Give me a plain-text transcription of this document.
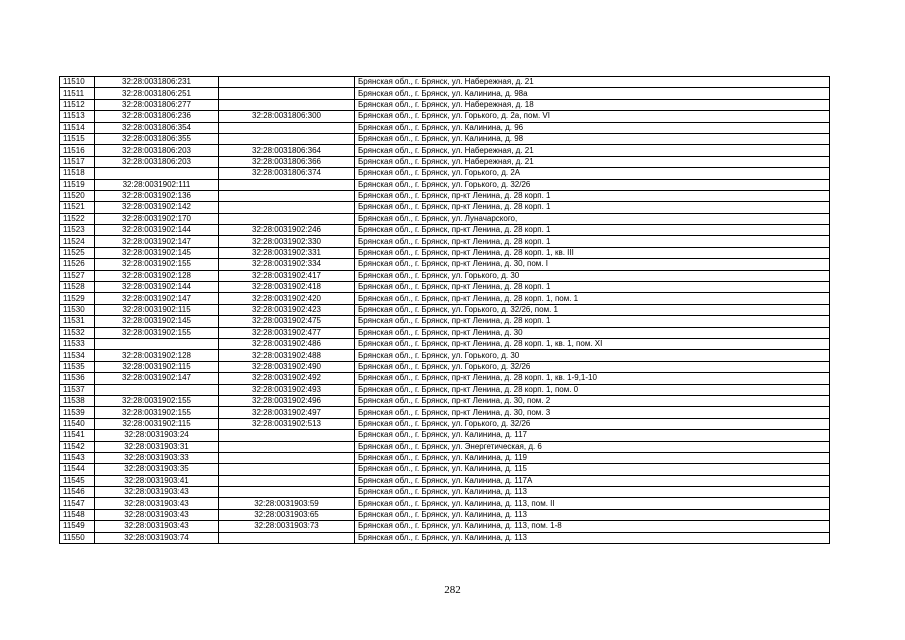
11510	32:28:0031806:231		Брянская обл., г. Брянск, ул. Набережная, д. 21
11511	32:28:0031806:251		Брянская обл., г. Брянск, ул. Калинина, д. 98а
11512	32:28:0031806:277		Брянская обл., г. Брянск, ул. Набережная, д. 18
11513	32:28:0031806:236	32:28:0031806:300	Брянская обл., г. Брянск, ул. Горького, д. 2а, пом. VI
11514	32:28:0031806:354		Брянская обл., г. Брянск, ул. Калинина, д. 96
11515	32:28:0031806:355		Брянская обл., г. Брянск, ул. Калинина, д. 98
11516	32:28:0031806:203	32:28:0031806:364	Брянская обл., г. Брянск, ул. Набережная, д. 21
11517	32:28:0031806:203	32:28:0031806:366	Брянская обл., г. Брянск, ул. Набережная, д. 21
11518		32:28:0031806:374	Брянская обл., г. Брянск, ул. Горького, д. 2А
11519	32:28:0031902:111		Брянская обл., г. Брянск, ул. Горького, д. 32/26
11520	32:28:0031902:136		Брянская обл., г. Брянск, пр-кт Ленина, д. 28 корп. 1
11521	32:28:0031902:142		Брянская обл., г. Брянск, пр-кт Ленина, д. 28 корп. 1
11522	32:28:0031902:170		Брянская обл., г. Брянск, ул. Луначарского,
11523	32:28:0031902:144	32:28:0031902:246	Брянская обл., г. Брянск, пр-кт Ленина, д. 28 корп. 1
11524	32:28:0031902:147	32:28:0031902:330	Брянская обл., г. Брянск, пр-кт Ленина, д. 28 корп. 1
11525	32:28:0031902:145	32:28:0031902:331	Брянская обл., г. Брянск, пр-кт Ленина, д. 28 корп. 1, кв. III
11526	32:28:0031902:155	32:28:0031902:334	Брянская обл., г. Брянск, пр-кт Ленина, д. 30, пом. I
11527	32:28:0031902:128	32:28:0031902:417	Брянская обл., г. Брянск, ул. Горького, д. 30
11528	32:28:0031902:144	32:28:0031902:418	Брянская обл., г. Брянск, пр-кт Ленина, д. 28 корп. 1
11529	32:28:0031902:147	32:28:0031902:420	Брянская обл., г. Брянск, пр-кт Ленина, д. 28 корп. 1, пом. 1
11530	32:28:0031902:115	32:28:0031902:423	Брянская обл., г. Брянск, ул. Горького, д. 32/26, пом. 1
11531	32:28:0031902:145	32:28:0031902:475	Брянская обл., г. Брянск, пр-кт Ленина, д. 28 корп. 1
11532	32:28:0031902:155	32:28:0031902:477	Брянская обл., г. Брянск, пр-кт Ленина, д. 30
11533		32:28:0031902:486	Брянская обл., г. Брянск, пр-кт Ленина, д. 28 корп. 1, кв. 1, пом. XI
11534	32:28:0031902:128	32:28:0031902:488	Брянская обл., г. Брянск, ул. Горького, д. 30
11535	32:28:0031902:115	32:28:0031902:490	Брянская обл., г. Брянск, ул. Горького, д. 32/26
11536	32:28:0031902:147	32:28:0031902:492	Брянская обл., г. Брянск, пр-кт Ленина, д. 28 корп. 1, кв. 1-9,1-10
11537		32:28:0031902:493	Брянская обл., г. Брянск, пр-кт Ленина, д. 28 корп. 1, пом. 0
11538	32:28:0031902:155	32:28:0031902:496	Брянская обл., г. Брянск, пр-кт Ленина, д. 30, пом. 2
11539	32:28:0031902:155	32:28:0031902:497	Брянская обл., г. Брянск, пр-кт Ленина, д. 30, пом. 3
11540	32:28:0031902:115	32:28:0031902:513	Брянская обл., г. Брянск, ул. Горького, д. 32/26
11541	32:28:0031903:24		Брянская обл., г. Брянск, ул. Калинина, д. 117
11542	32:28:0031903:31		Брянская обл., г. Брянск, ул. Энергетическая, д. 6
11543	32:28:0031903:33		Брянская обл., г. Брянск, ул. Калинина, д. 119
11544	32:28:0031903:35		Брянская обл., г. Брянск, ул. Калинина, д. 115
11545	32:28:0031903:41		Брянская обл., г. Брянск, ул. Калинина, д. 117А
11546	32:28:0031903:43		Брянская обл., г. Брянск, ул. Калинина, д. 113
11547	32:28:0031903:43	32:28:0031903:59	Брянская обл., г. Брянск, ул. Калинина, д. 113, пом. II
11548	32:28:0031903:43	32:28:0031903:65	Брянская обл., г. Брянск, ул. Калинина, д. 113
11549	32:28:0031903:43	32:28:0031903:73	Брянская обл., г. Брянск, ул. Калинина, д. 113, пом. 1-8
11550	32:28:0031903:74		Брянская обл., г. Брянск, ул. Калинина, д. 113
282
